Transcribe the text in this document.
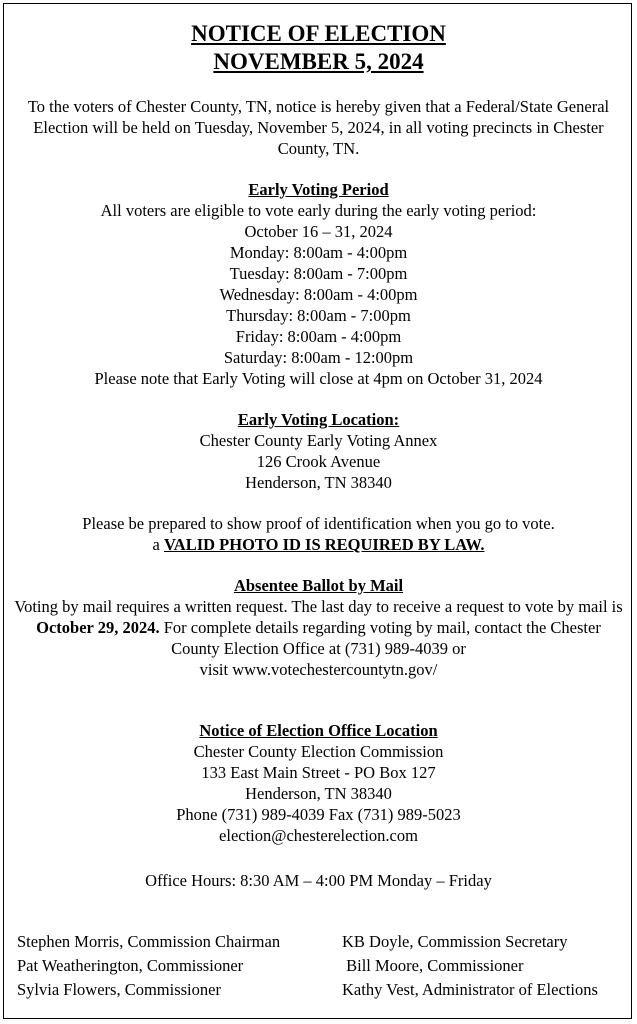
NOTICE OF ELECTION

NOVEMBER 5, 2024

To the voters of Chester County, TN, notice is hereby given that a Federal/State General Election will be held on Tuesday, November 5, 2024, in all voting precincts in Chester County, TN.

Early Voting Period

All voters are eligible to vote early during the early voting period:

October 16 – 31, 2024

Monday: 8:00am - 4:00pm

Tuesday: 8:00am - 7:00pm

Wednesday: 8:00am - 4:00pm

Thursday: 8:00am - 7:00pm

Friday: 8:00am - 4:00pm

Saturday: 8:00am - 12:00pm

Please note that Early Voting will close at 4pm on October 31, 2024

Early Voting Location:

Chester County Early Voting Annex

126 Crook Avenue

Henderson, TN 38340

Please be prepared to show proof of identification when you go to vote.

a VALID PHOTO ID IS REQUIRED BY LAW.

Absentee Ballot by Mail

Voting by mail requires a written request. The last day to receive a request to vote by mail is October 29, 2024. For complete details regarding voting by mail, contact the Chester County Election Office at (731) 989-4039 or

visit www.votechestercountytn.gov/

Notice of Election Office Location

Chester County Election Commission

133 East Main Street - PO Box 127

Henderson, TN 38340

Phone (731) 989-4039 Fax (731) 989-5023

election@chesterelection.com

Office Hours: 8:30 AM – 4:00 PM Monday – Friday

Stephen Morris, Commission Chairman
Pat Weatherington, Commissioner
Sylvia Flowers, Commissioner
KB Doyle, Commission Secretary
Bill Moore, Commissioner
Kathy Vest, Administrator of Elections
